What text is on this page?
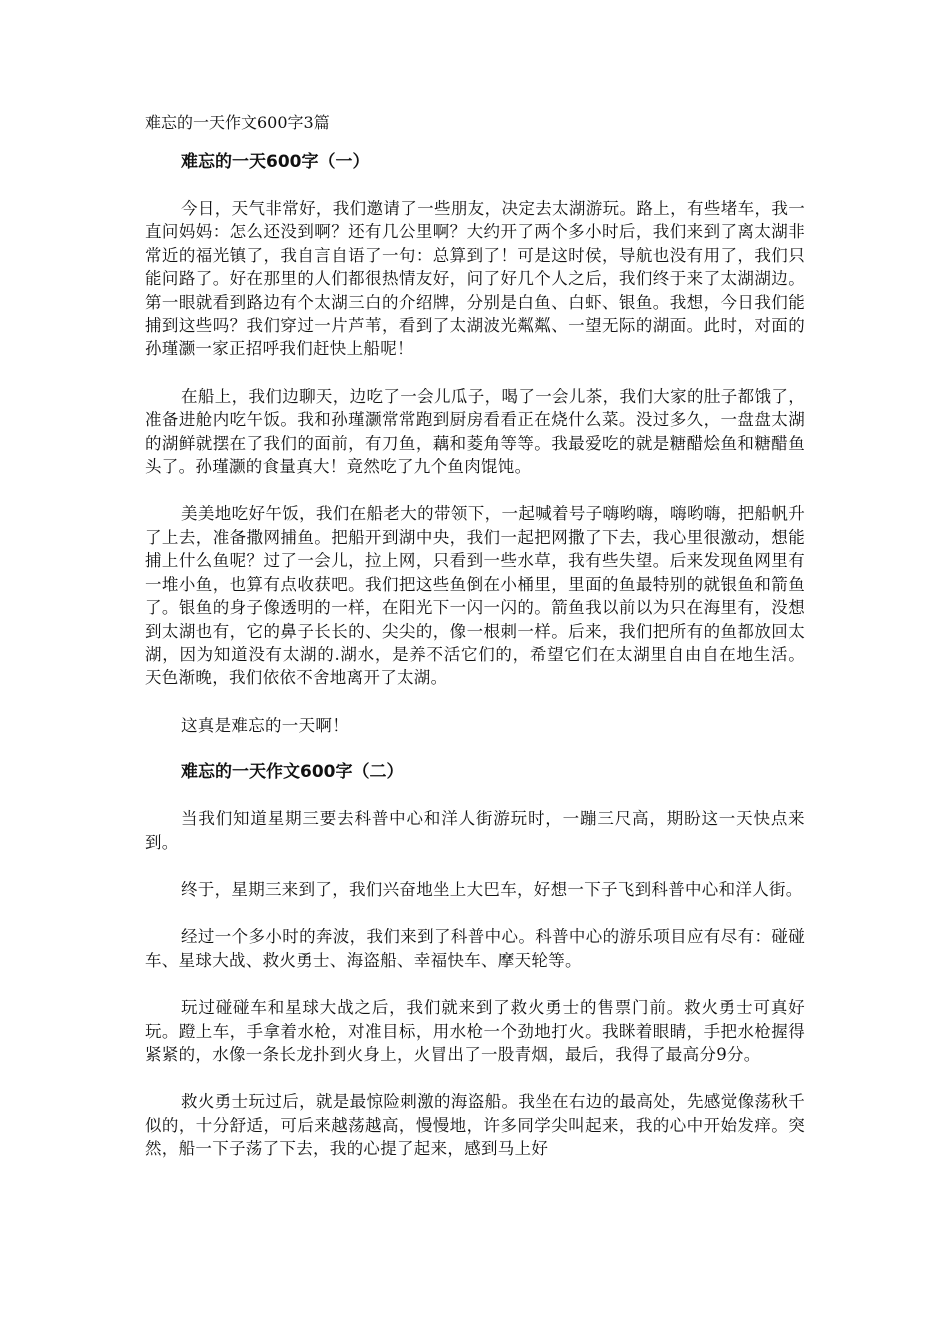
难忘的一天作文600字3篇
难忘的一天600字（一）

今日，天气非常好，我们邀请了一些朋友，决定去太湖游玩。路上，有些堵车，我一直问妈妈：怎么还没到啊？还有几公里啊？大约开了两个多小时后，我们来到了离太湖非常近的福光镇了，我自言自语了一句：总算到了！可是这时侯，导航也没有用了，我们只能问路了。好在那里的人们都很热情友好，问了好几个人之后，我们终于来了太湖湖边。第一眼就看到路边有个太湖三白的介绍牌，分别是白鱼、白虾、银鱼。我想，今日我们能捕到这些吗？我们穿过一片芦苇，看到了太湖波光粼粼、一望无际的湖面。此时，对面的孙瑾灏一家正招呼我们赶快上船呢！

在船上，我们边聊天，边吃了一会儿瓜子，喝了一会儿茶，我们大家的肚子都饿了，准备进舱内吃午饭。我和孙瑾灏常常跑到厨房看看正在烧什么菜。没过多久，一盘盘太湖的湖鲜就摆在了我们的面前，有刀鱼，藕和菱角等等。我最爱吃的就是糖醋烩鱼和糖醋鱼头了。孙瑾灏的食量真大！竟然吃了九个鱼肉馄饨。

美美地吃好午饭，我们在船老大的带领下，一起喊着号子嗨哟嗨，嗨哟嗨，把船帆升了上去，准备撒网捕鱼。把船开到湖中央，我们一起把网撒了下去，我心里很激动，想能捕上什么鱼呢？过了一会儿，拉上网，只看到一些水草，我有些失望。后来发现鱼网里有一堆小鱼，也算有点收获吧。我们把这些鱼倒在小桶里，里面的鱼最特别的就银鱼和箭鱼了。银鱼的身子像透明的一样，在阳光下一闪一闪的。箭鱼我以前以为只在海里有，没想到太湖也有，它的鼻子长长的、尖尖的，像一根刺一样。后来，我们把所有的鱼都放回太湖，因为知道没有太湖的.湖水，是养不活它们的，希望它们在太湖里自由自在地生活。天色渐晚，我们依依不舍地离开了太湖。

这真是难忘的一天啊！

难忘的一天作文600字（二）

当我们知道星期三要去科普中心和洋人街游玩时，一蹦三尺高，期盼这一天快点来到。

终于，星期三来到了，我们兴奋地坐上大巴车，好想一下子飞到科普中心和洋人街。

经过一个多小时的奔波，我们来到了科普中心。科普中心的游乐项目应有尽有：碰碰车、星球大战、救火勇士、海盗船、幸福快车、摩天轮等。

玩过碰碰车和星球大战之后，我们就来到了救火勇士的售票门前。救火勇士可真好玩。蹬上车，手拿着水枪，对准目标，用水枪一个劲地打火。我眯着眼睛，手把水枪握得紧紧的，水像一条长龙扑到火身上，火冒出了一股青烟，最后，我得了最高分9分。

救火勇士玩过后，就是最惊险刺激的海盗船。我坐在右边的最高处，先感觉像荡秋千似的，十分舒适，可后来越荡越高，慢慢地，许多同学尖叫起来，我的心中开始发痒。突然，船一下子荡了下去，我的心提了起来，感到马上好
